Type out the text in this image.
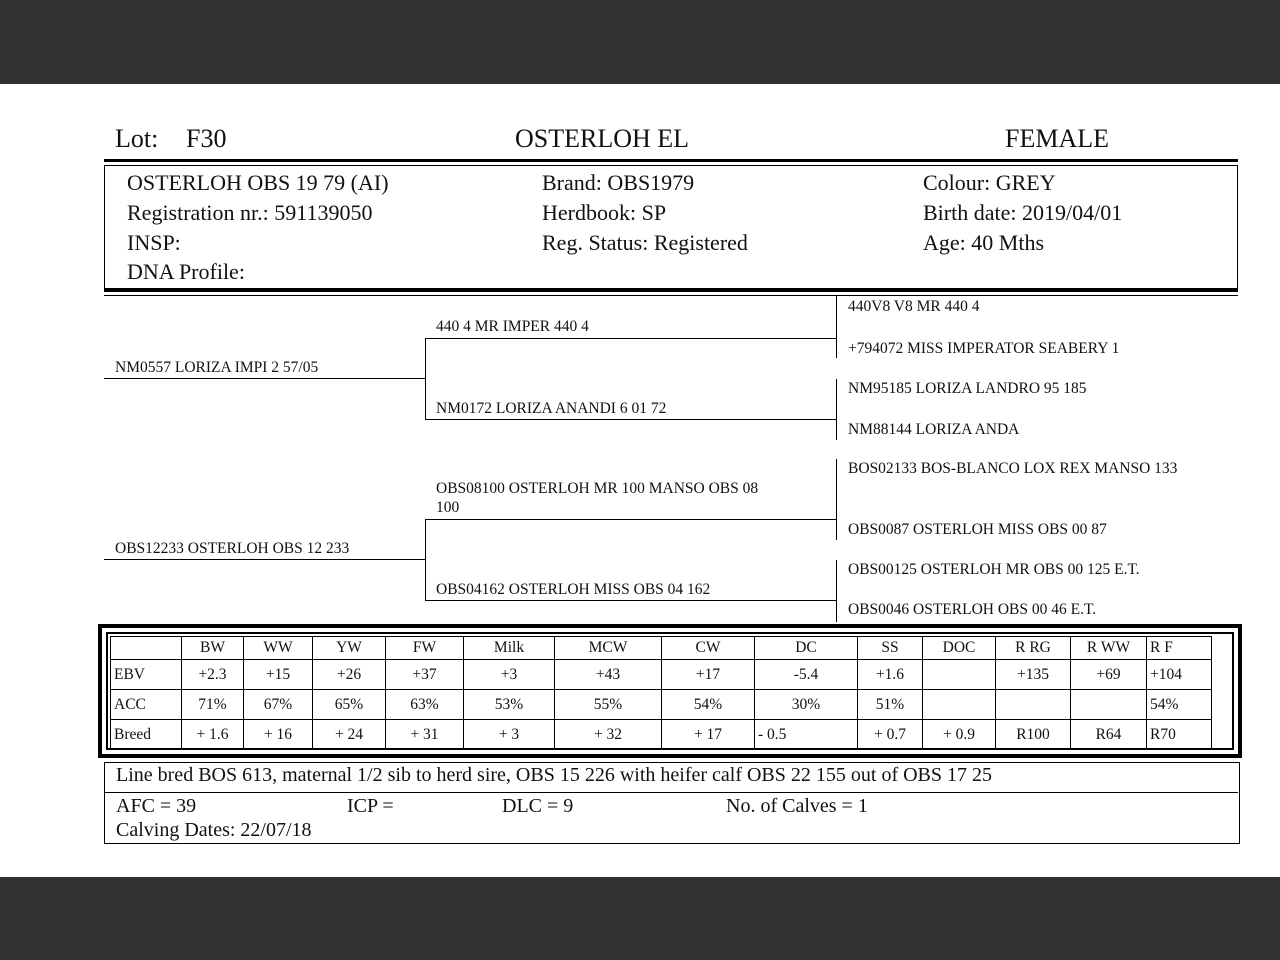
Lot: F30	OSTERLOH EL	FEMALE
OSTERLOH OBS 19 79 (AI)
Registration nr.: 591139050
INSP:
DNA Profile:
Brand: OBS1979
Herdbook: SP
Reg. Status: Registered
Colour: GREY
Birth date: 2019/04/01
Age: 40 Mths
NM0557 LORIZA IMPI 2 57/05
OBS12233 OSTERLOH OBS 12 233
440 4 MR IMPER 440 4
NM0172 LORIZA ANANDI 6 01 72
OBS08100 OSTERLOH MR 100 MANSO OBS 08
100
OBS04162 OSTERLOH MISS OBS 04 162
440V8 V8 MR 440 4
+794072 MISS IMPERATOR SEABERY 1
NM95185 LORIZA LANDRO 95 185
NM88144 LORIZA ANDA
BOS02133 BOS-BLANCO LOX REX MANSO 133
OBS0087 OSTERLOH MISS OBS 00 87
OBS00125 OSTERLOH MR OBS 00 125 E.T.
OBS0046 OSTERLOH OBS 00 46 E.T.
	BW	WW	YW	FW	Milk	MCW	CW	DC	SS	DOC	R RG	R WW	R F
EBV	+2.3	+15	+26	+37	+3	+43	+17	-5.4	+1.6		+135	+69	+104
ACC	71%	67%	65%	63%	53%	55%	54%	30%	51%				54%
Breed	+ 1.6	+ 16	+ 24	+ 31	+ 3	+ 32	+ 17	- 0.5	+ 0.7	+ 0.9	R100	R64	R70
Line bred BOS 613, maternal 1/2 sib to herd sire, OBS 15 226 with heifer calf OBS 22 155 out of OBS 17 25
AFC = 39	ICP =	DLC = 9	No. of Calves = 1
Calving Dates: 22/07/18
